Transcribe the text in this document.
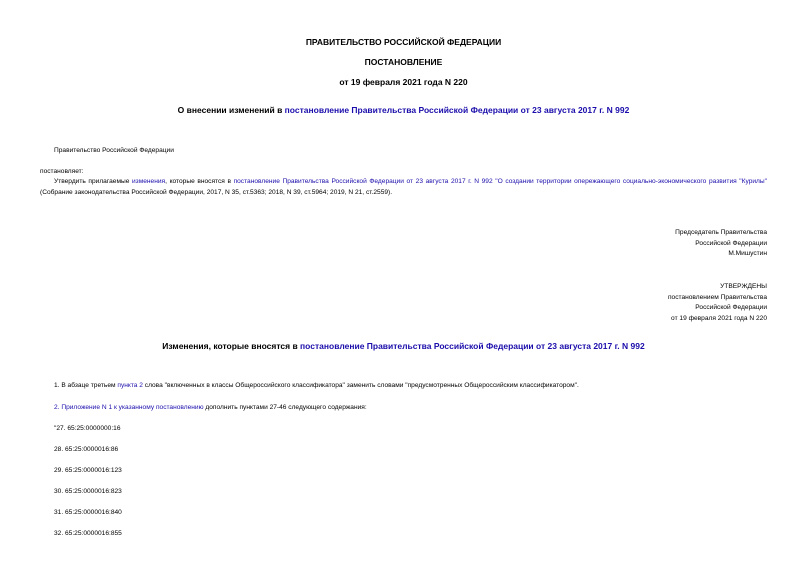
ПРАВИТЕЛЬСТВО РОССИЙСКОЙ ФЕДЕРАЦИИ
ПОСТАНОВЛЕНИЕ
от 19 февраля 2021 года N 220
О внесении изменений в постановление Правительства Российской Федерации от 23 августа 2017 г. N 992
Правительство Российской Федерации
постановляет:
Утвердить прилагаемые изменения, которые вносятся в постановление Правительства Российской Федерации от 23 августа 2017 г. N 992 "О создании территории опережающего социально-экономического развития "Курилы" (Собрание законодательства Российской Федерации, 2017, N 35, ст.5363; 2018, N 39, ст.5964; 2019, N 21, ст.2559).
Председатель Правительства
Российской Федерации
М.Мишустин
УТВЕРЖДЕНЫ
постановлением Правительства
Российской Федерации
от 19 февраля 2021 года N 220
Изменения, которые вносятся в постановление Правительства Российской Федерации от 23 августа 2017 г. N 992
1. В абзаце третьем пункта 2 слова "включенных в классы Общероссийского классификатора" заменить словами "предусмотренных Общероссийским классификатором".
2. Приложение N 1 к указанному постановлению дополнить пунктами 27-46 следующего содержания:
"27. 65:25:0000000:16
28. 65:25:0000016:86
29. 65:25:0000016:123
30. 65:25:0000016:823
31. 65:25:0000016:840
32. 65:25:0000016:855
